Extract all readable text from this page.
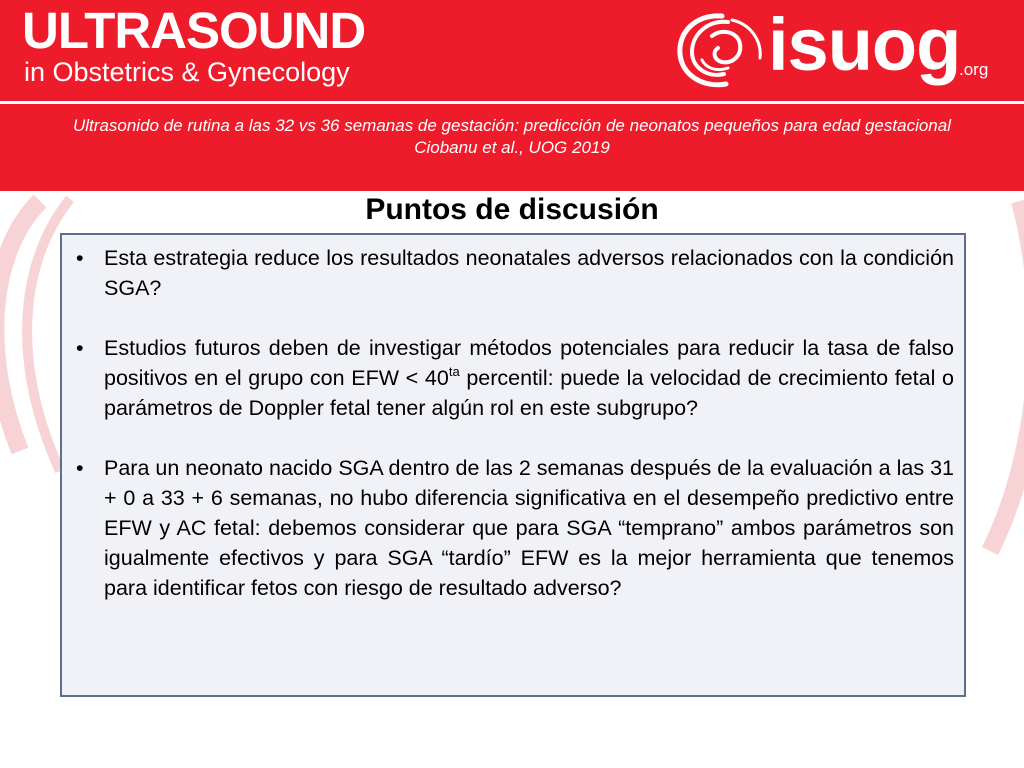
ULTRASOUND
in Obstetrics & Gynecology	isuog
.org
Ultrasonido de rutina a las 32 vs 36 semanas de gestación: predicción de neonatos pequeños para edad gestacional
Ciobanu et al., UOG 2019
Puntos de discusión
• Esta estrategia reduce los resultados neonatales adversos relacionados con la condición SGA?
• Estudios futuros deben de investigar métodos potenciales para reducir la tasa de falso positivos en el grupo con EFW < $40^{ta}$ percentil: puede la velocidad de crecimiento fetal o parámetros de Doppler fetal tener algún rol en este subgrupo?
• Para un neonato nacido SGA dentro de las 2 semanas después de la evaluación a las 31 + 0 a 33 + 6 semanas, no hubo diferencia significativa en el desempeño predictivo entre EFW y AC fetal: debemos considerar que para SGA “temprano” ambos parámetros son igualmente efectivos y para SGA “tardío” EFW es la mejor herramienta que tenemos para identificar fetos con riesgo de resultado adverso?
